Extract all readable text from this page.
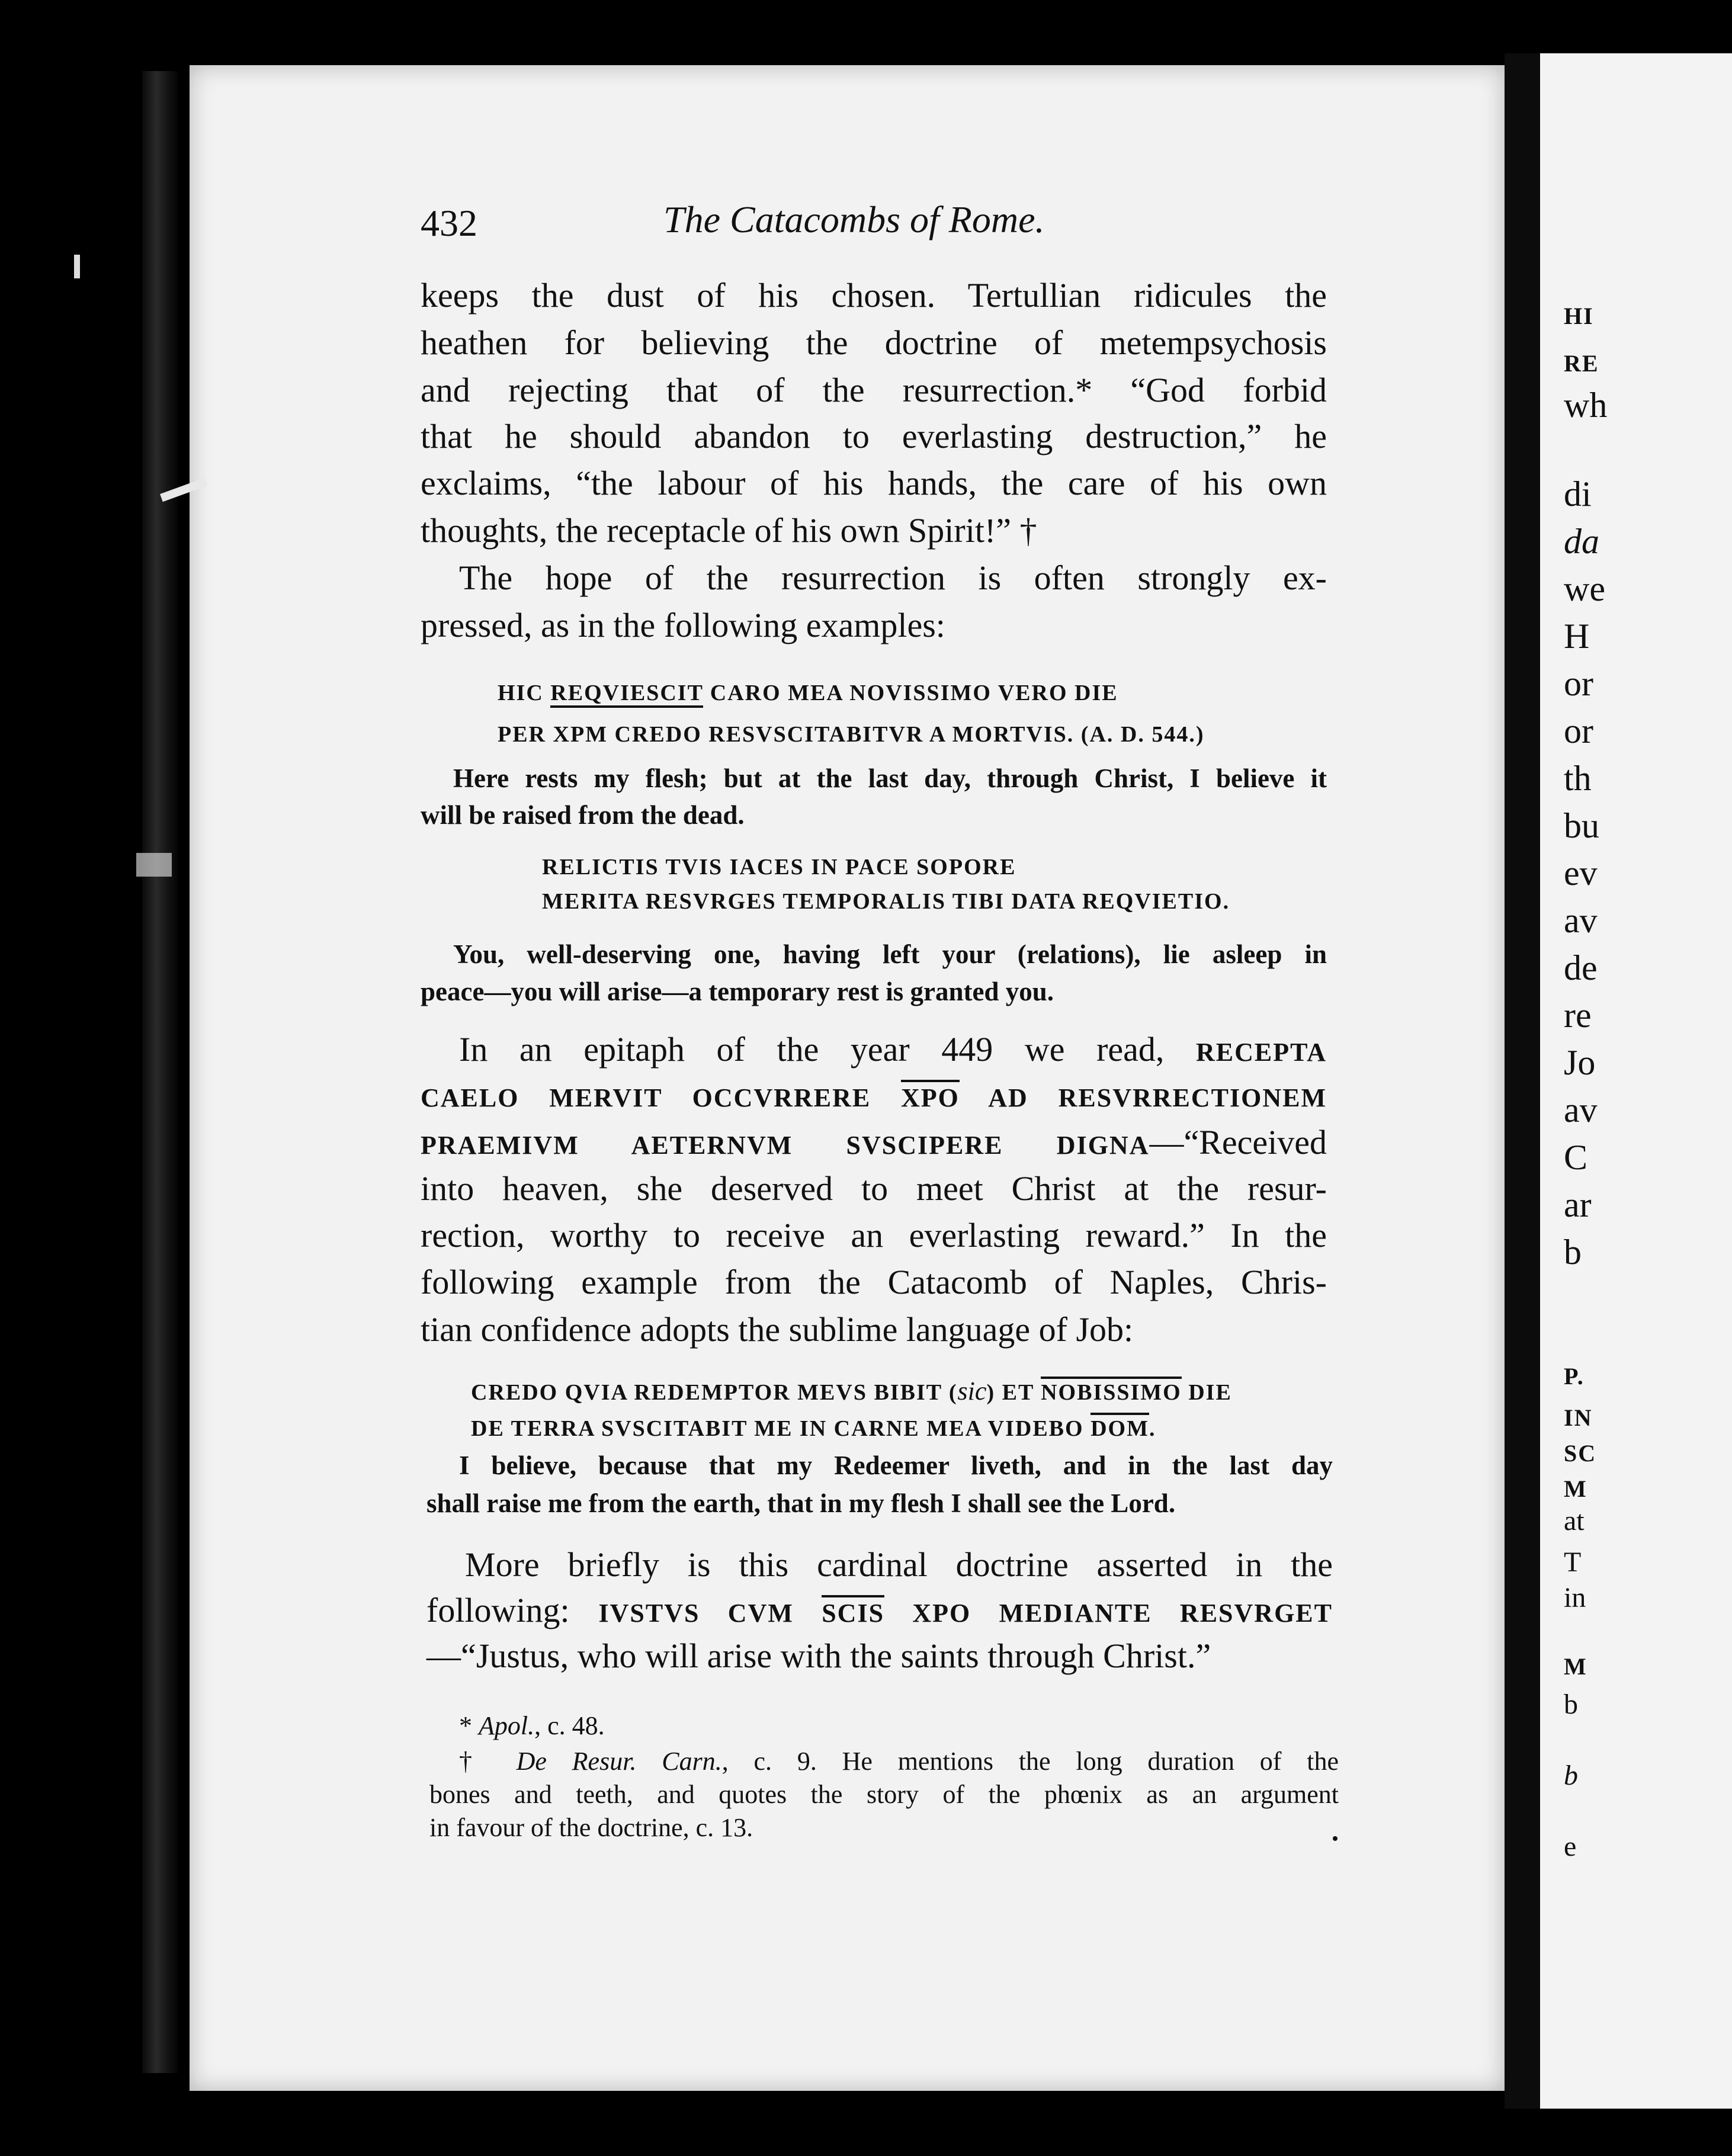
432	The Catacombs of Rome.
keeps the dust of his chosen. Tertullian ridicules the
heathen for believing the doctrine of metempsychosis
and rejecting that of the resurrection.* “God forbid
that he should abandon to everlasting destruction,” he
exclaims, “the labour of his hands, the care of his own
thoughts, the receptacle of his own Spirit!” †
The hope of the resurrection is often strongly ex-
pressed, as in the following examples:
HIC REQVIESCIT CARO MEA NOVISSIMO VERO DIE
PER XPM CREDO RESVSCITABITVR A MORTVIS. (A. D. 544.)
Here rests my flesh; but at the last day, through Christ, I believe it
will be raised from the dead.
RELICTIS TVIS IACES IN PACE SOPORE
MERITA RESVRGES TEMPORALIS TIBI DATA REQVIETIO.
You, well-deserving one, having left your (relations), lie asleep in
peace—you will arise—a temporary rest is granted you.
In an epitaph of the year 449 we read, RECEPTA
CAELO MERVIT OCCVRRERE XPO AD RESVRRECTIONEM
PRAEMIVM AETERNVM SVSCIPERE DIGNA—“Received
into heaven, she deserved to meet Christ at the resur-
rection, worthy to receive an everlasting reward.” In the
following example from the Catacomb of Naples, Chris-
tian confidence adopts the sublime language of Job:
CREDO QVIA REDEMPTOR MEVS BIBIT (sic) ET NOBISSIMO DIE
DE TERRA SVSCITABIT ME IN CARNE MEA VIDEBO DOM.
I believe, because that my Redeemer liveth, and in the last day
shall raise me from the earth, that in my flesh I shall see the Lord.
More briefly is this cardinal doctrine asserted in the
following: IVSTVS CVM SCIS XPO MEDIANTE RESVRGET
—“Justus, who will arise with the saints through Christ.”
* Apol., c. 48.
† De Resur. Carn., c. 9. He mentions the long duration of the
bones and teeth, and quotes the story of the phœnix as an argument
in favour of the doctrine, c. 13.
HI
RE
wh
di
da
we
H
or
or
th
bu
ev
av
de
re
Jo
av
C
ar
b
P.
IN
SC
M
at
T
in
M
b
b
e
